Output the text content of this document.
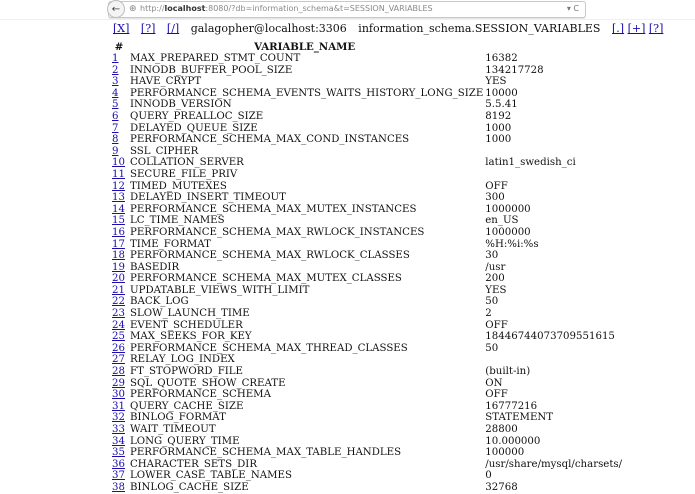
⊕ http://localhost:8080/?db=information_schema&t=SESSION_VARIABLES	▾ C
←
[X] [?] [/] galagopher@localhost:3306 information_schema.SESSION_VARIABLES [.] [+] [?]
#	VARIABLE_NAME	
1	MAX_PREPARED_STMT_COUNT	16382
2	INNODB_BUFFER_POOL_SIZE	134217728
3	HAVE_CRYPT	YES
4	PERFORMANCE_SCHEMA_EVENTS_WAITS_HISTORY_LONG_SIZE	10000
5	INNODB_VERSION	5.5.41
6	QUERY_PREALLOC_SIZE	8192
7	DELAYED_QUEUE_SIZE	1000
8	PERFORMANCE_SCHEMA_MAX_COND_INSTANCES	1000
9	SSL_CIPHER	
10	COLLATION_SERVER	latin1_swedish_ci
11	SECURE_FILE_PRIV	
12	TIMED_MUTEXES	OFF
13	DELAYED_INSERT_TIMEOUT	300
14	PERFORMANCE_SCHEMA_MAX_MUTEX_INSTANCES	1000000
15	LC_TIME_NAMES	en_US
16	PERFORMANCE_SCHEMA_MAX_RWLOCK_INSTANCES	1000000
17	TIME_FORMAT	%H:%i:%s
18	PERFORMANCE_SCHEMA_MAX_RWLOCK_CLASSES	30
19	BASEDIR	/usr
20	PERFORMANCE_SCHEMA_MAX_MUTEX_CLASSES	200
21	UPDATABLE_VIEWS_WITH_LIMIT	YES
22	BACK_LOG	50
23	SLOW_LAUNCH_TIME	2
24	EVENT_SCHEDULER	OFF
25	MAX_SEEKS_FOR_KEY	18446744073709551615
26	PERFORMANCE_SCHEMA_MAX_THREAD_CLASSES	50
27	RELAY_LOG_INDEX	
28	FT_STOPWORD_FILE	(built-in)
29	SQL_QUOTE_SHOW_CREATE	ON
30	PERFORMANCE_SCHEMA	OFF
31	QUERY_CACHE_SIZE	16777216
32	BINLOG_FORMAT	STATEMENT
33	WAIT_TIMEOUT	28800
34	LONG_QUERY_TIME	10.000000
35	PERFORMANCE_SCHEMA_MAX_TABLE_HANDLES	100000
36	CHARACTER_SETS_DIR	/usr/share/mysql/charsets/
37	LOWER_CASE_TABLE_NAMES	0
38	BINLOG_CACHE_SIZE	32768
